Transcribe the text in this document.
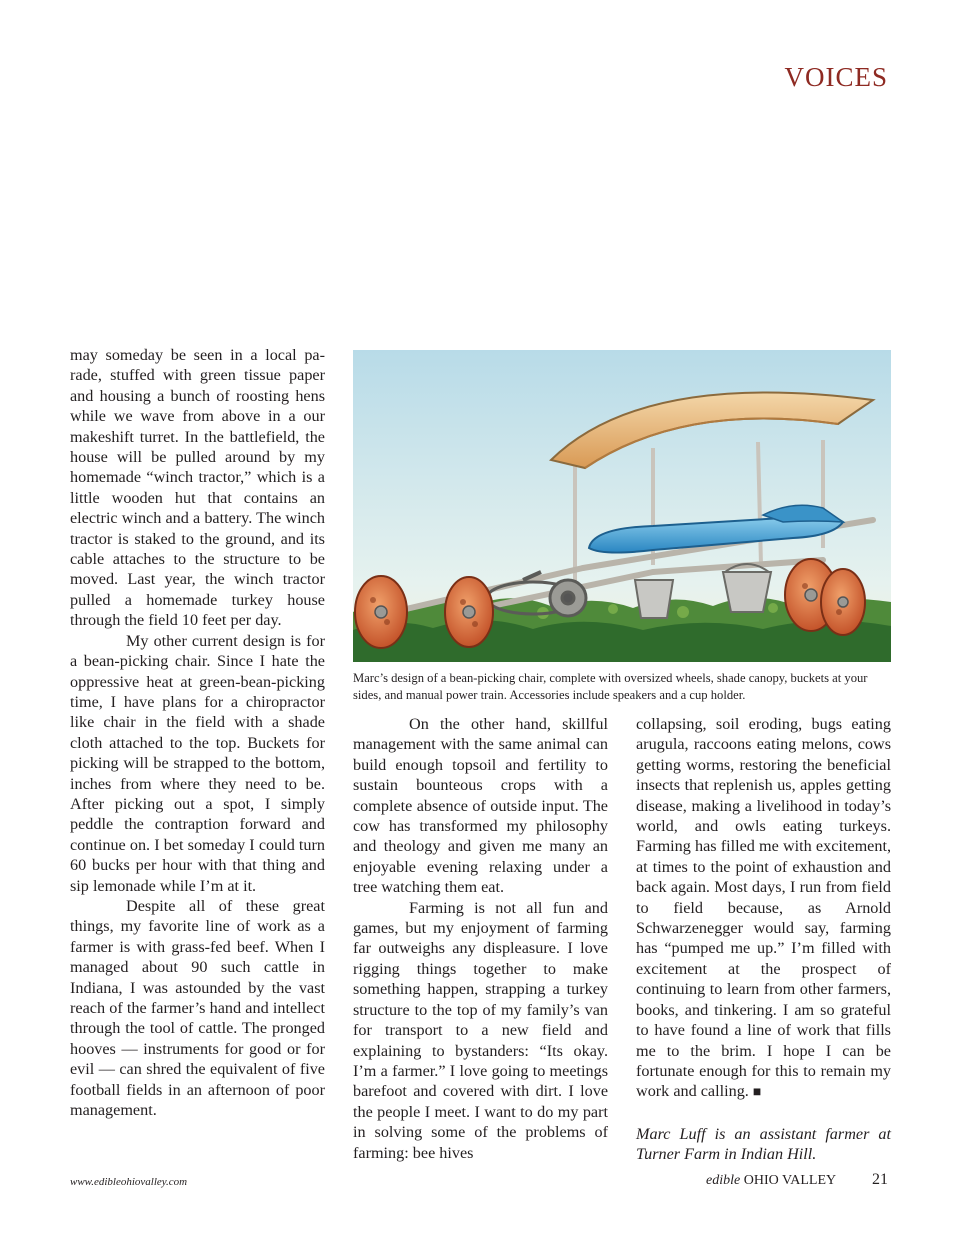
VOICES

may someday be seen in a local parade, stuffed with green tissue paper and housing a bunch of roosting hens while we wave from above in a our makeshift turret. In the battlefield, the house will be pulled around by my homemade “winch tractor,” which is a little wooden hut that contains an electric winch and a battery. The winch tractor is staked to the ground, and its cable attaches to the structure to be moved. Last year, the winch tractor pulled a homemade turkey house through the field 10 feet per day.

My other current design is for a bean-picking chair. Since I hate the oppressive heat at green-bean-picking time, I have plans for a chiropractor like chair in the field with a shade cloth attached to the top. Buckets for picking will be strapped to the bottom, inches from where they need to be. After picking out a spot, I simply peddle the contraption forward and continue on. I bet someday I could turn 60 bucks per hour with that thing and sip lemonade while I’m at it.

Despite all of these great things, my favorite line of work as a farmer is with grass-fed beef. When I managed about 90 such cattle in Indiana, I was astounded by the vast reach of the farmer’s hand and intellect through the tool of cattle. The pronged hooves — instruments for good or for evil — can shred the equivalent of five football fields in an afternoon of poor management.

Marc’s design of a bean-picking chair, complete with oversized wheels, shade canopy, buckets at your sides, and manual power train. Accessories include speakers and a cup holder.

On the other hand, skillful management with the same animal can build enough topsoil and fertility to sustain bounteous crops with a complete absence of outside input. The cow has transformed my philosophy and theology and given me many an enjoyable evening relaxing under a tree watching them eat.

Farming is not all fun and games, but my enjoyment of farming far outweighs any displeasure. I love rigging things together to make something happen, strapping a turkey structure to the top of my family’s van for transport to a new field and explaining to bystanders: “Its okay. I’m a farmer.” I love going to meetings barefoot and covered with dirt. I love the people I meet. I want to do my part in solving some of the problems of farming: bee hives

collapsing, soil eroding, bugs eating arugula, raccoons eating melons, cows getting worms, restoring the beneficial insects that replenish us, apples getting disease, making a livelihood in today’s world, and owls eating turkeys. Farming has filled me with excitement, at times to the point of exhaustion and back again. Most days, I run from field to field because, as Arnold Schwarzenegger would say, farming has “pumped me up.” I’m filled with excitement at the prospect of continuing to learn from other farmers, books, and tinkering. I am so grateful to have found a line of work that fills me to the brim. I hope I can be fortunate enough for this to remain my work and calling. ■

Marc Luff is an assistant farmer at Turner Farm in Indian Hill.

www.edibleohiovalley.com	edible OHIO VALLEY 21
